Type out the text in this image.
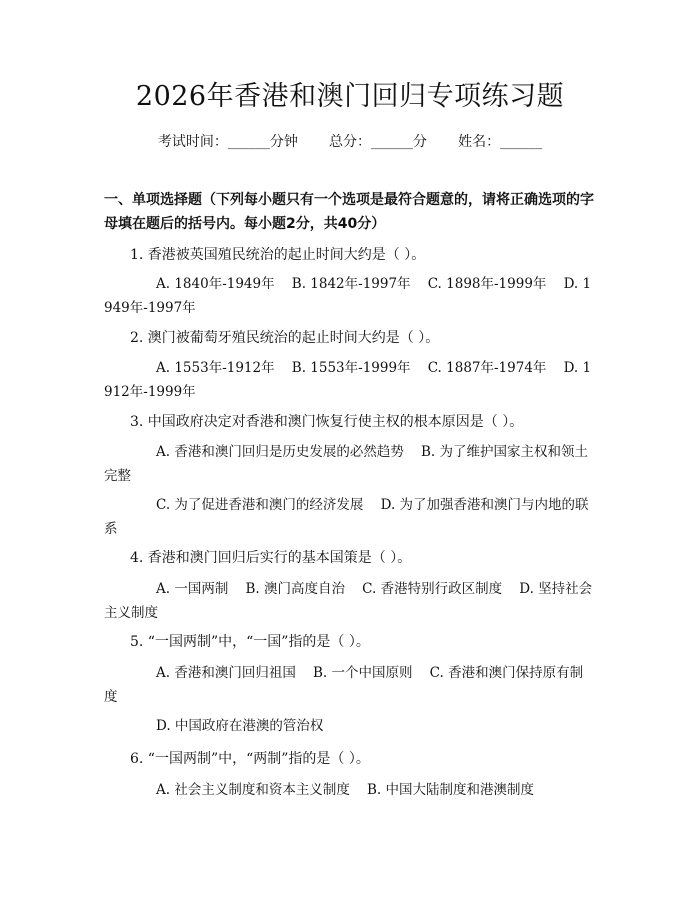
2026年香港和澳门回归专项练习题
考试时间：______分钟 总分：______分 姓名：______
一、单项选择题（下列每小题只有一个选项是最符合题意的，请将正确选项的字母填在题后的括号内。每小题2分，共40分）
1. 香港被英国殖民统治的起止时间大约是（ ）。
A. 1840年-1949年    B. 1842年-1997年    C. 1898年-1999年    D. 1949年-1997年
2. 澳门被葡萄牙殖民统治的起止时间大约是（ ）。
A. 1553年-1912年    B. 1553年-1999年    C. 1887年-1974年    D. 1912年-1999年
3. 中国政府决定对香港和澳门恢复行使主权的根本原因是（ ）。
A. 香港和澳门回归是历史发展的必然趋势    B. 为了维护国家主权和领土完整
C. 为了促进香港和澳门的经济发展    D. 为了加强香港和澳门与内地的联系
4. 香港和澳门回归后实行的基本国策是（ ）。
A. 一国两制    B. 澳门高度自治    C. 香港特别行政区制度    D. 坚持社会主义制度
5. “一国两制”中，“一国”指的是（ ）。
A. 香港和澳门回归祖国    B. 一个中国原则    C. 香港和澳门保持原有制度
D. 中国政府在港澳的管治权
6. “一国两制”中，“两制”指的是（ ）。
A. 社会主义制度和资本主义制度    B. 中国大陆制度和港澳制度
